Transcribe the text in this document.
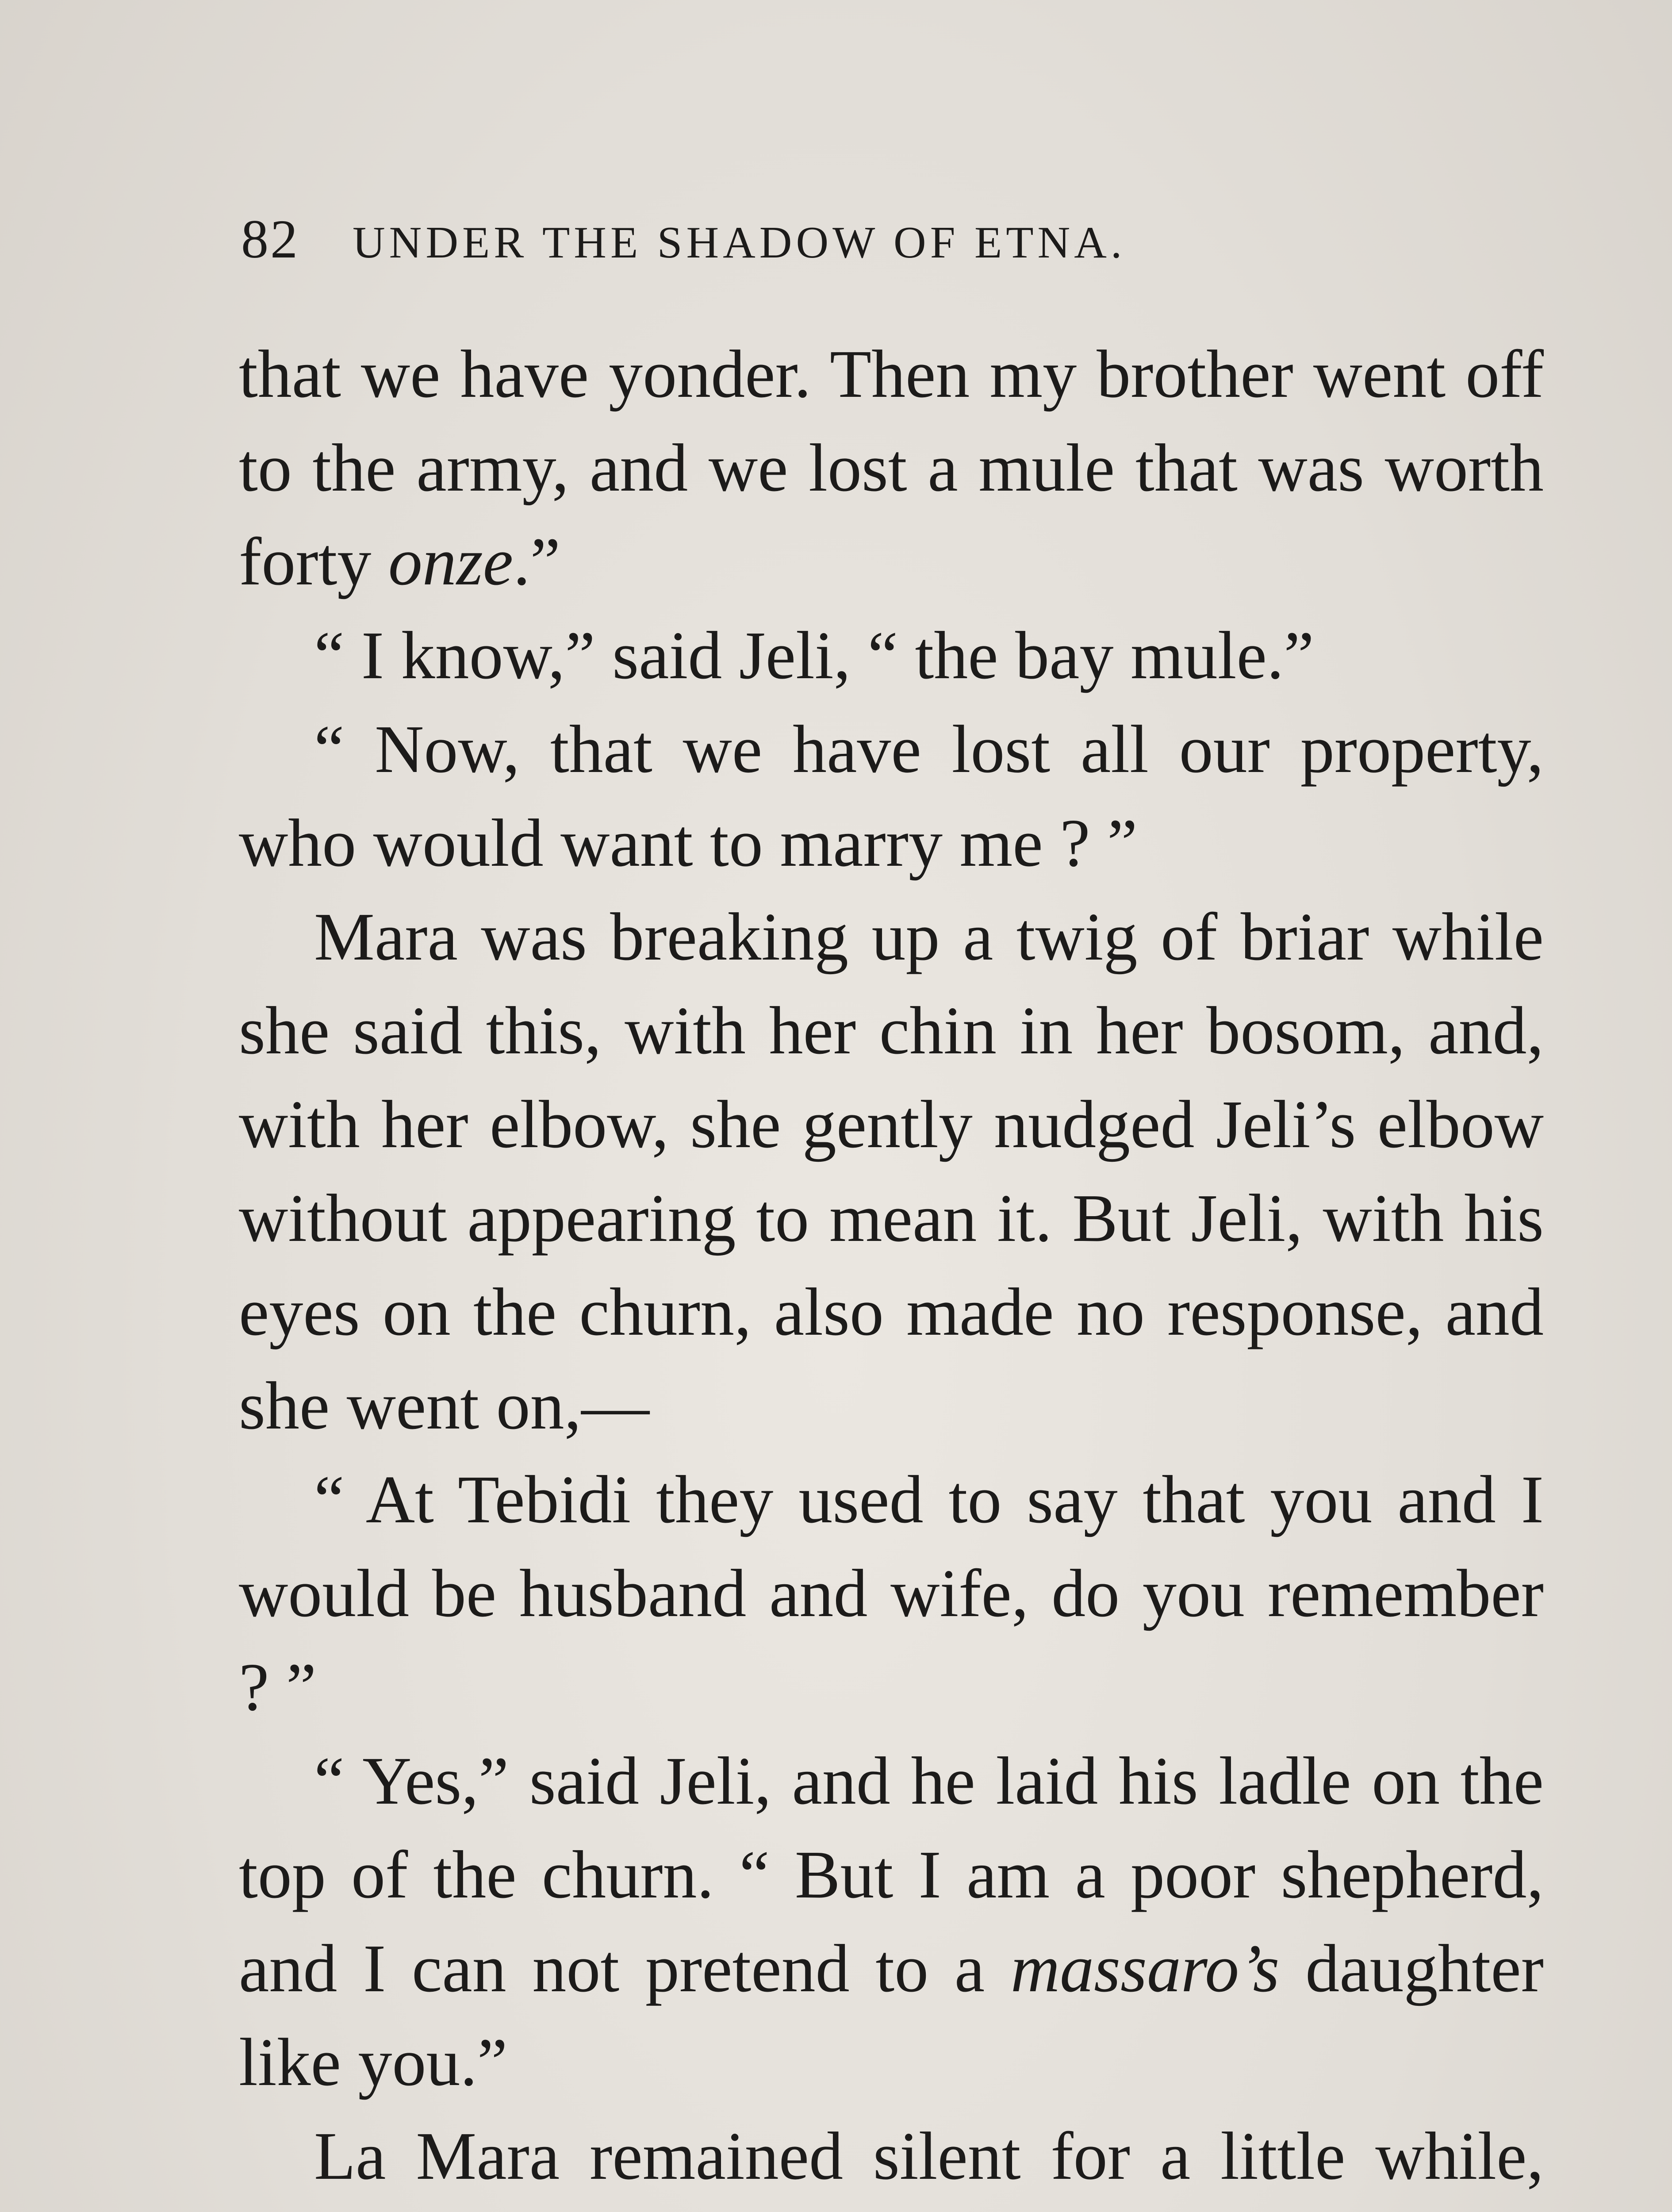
82 UNDER THE SHADOW OF ETNA.

that we have yonder. Then my brother went off to the army, and we lost a mule that was worth forty onze.”

“ I know,” said Jeli, “ the bay mule.”

“ Now, that we have lost all our property, who would want to marry me ? ”

Mara was breaking up a twig of briar while she said this, with her chin in her bosom, and, with her elbow, she gently nudged Jeli’s elbow without appearing to mean it. But Jeli, with his eyes on the churn, also made no response, and she went on,—

“ At Tebidi they used to say that you and I would be husband and wife, do you remember ? ”

“ Yes,” said Jeli, and he laid his ladle on the top of the churn. “ But I am a poor shepherd, and I can not pretend to a massaro’s daughter like you.”

La Mara remained silent for a little while,
